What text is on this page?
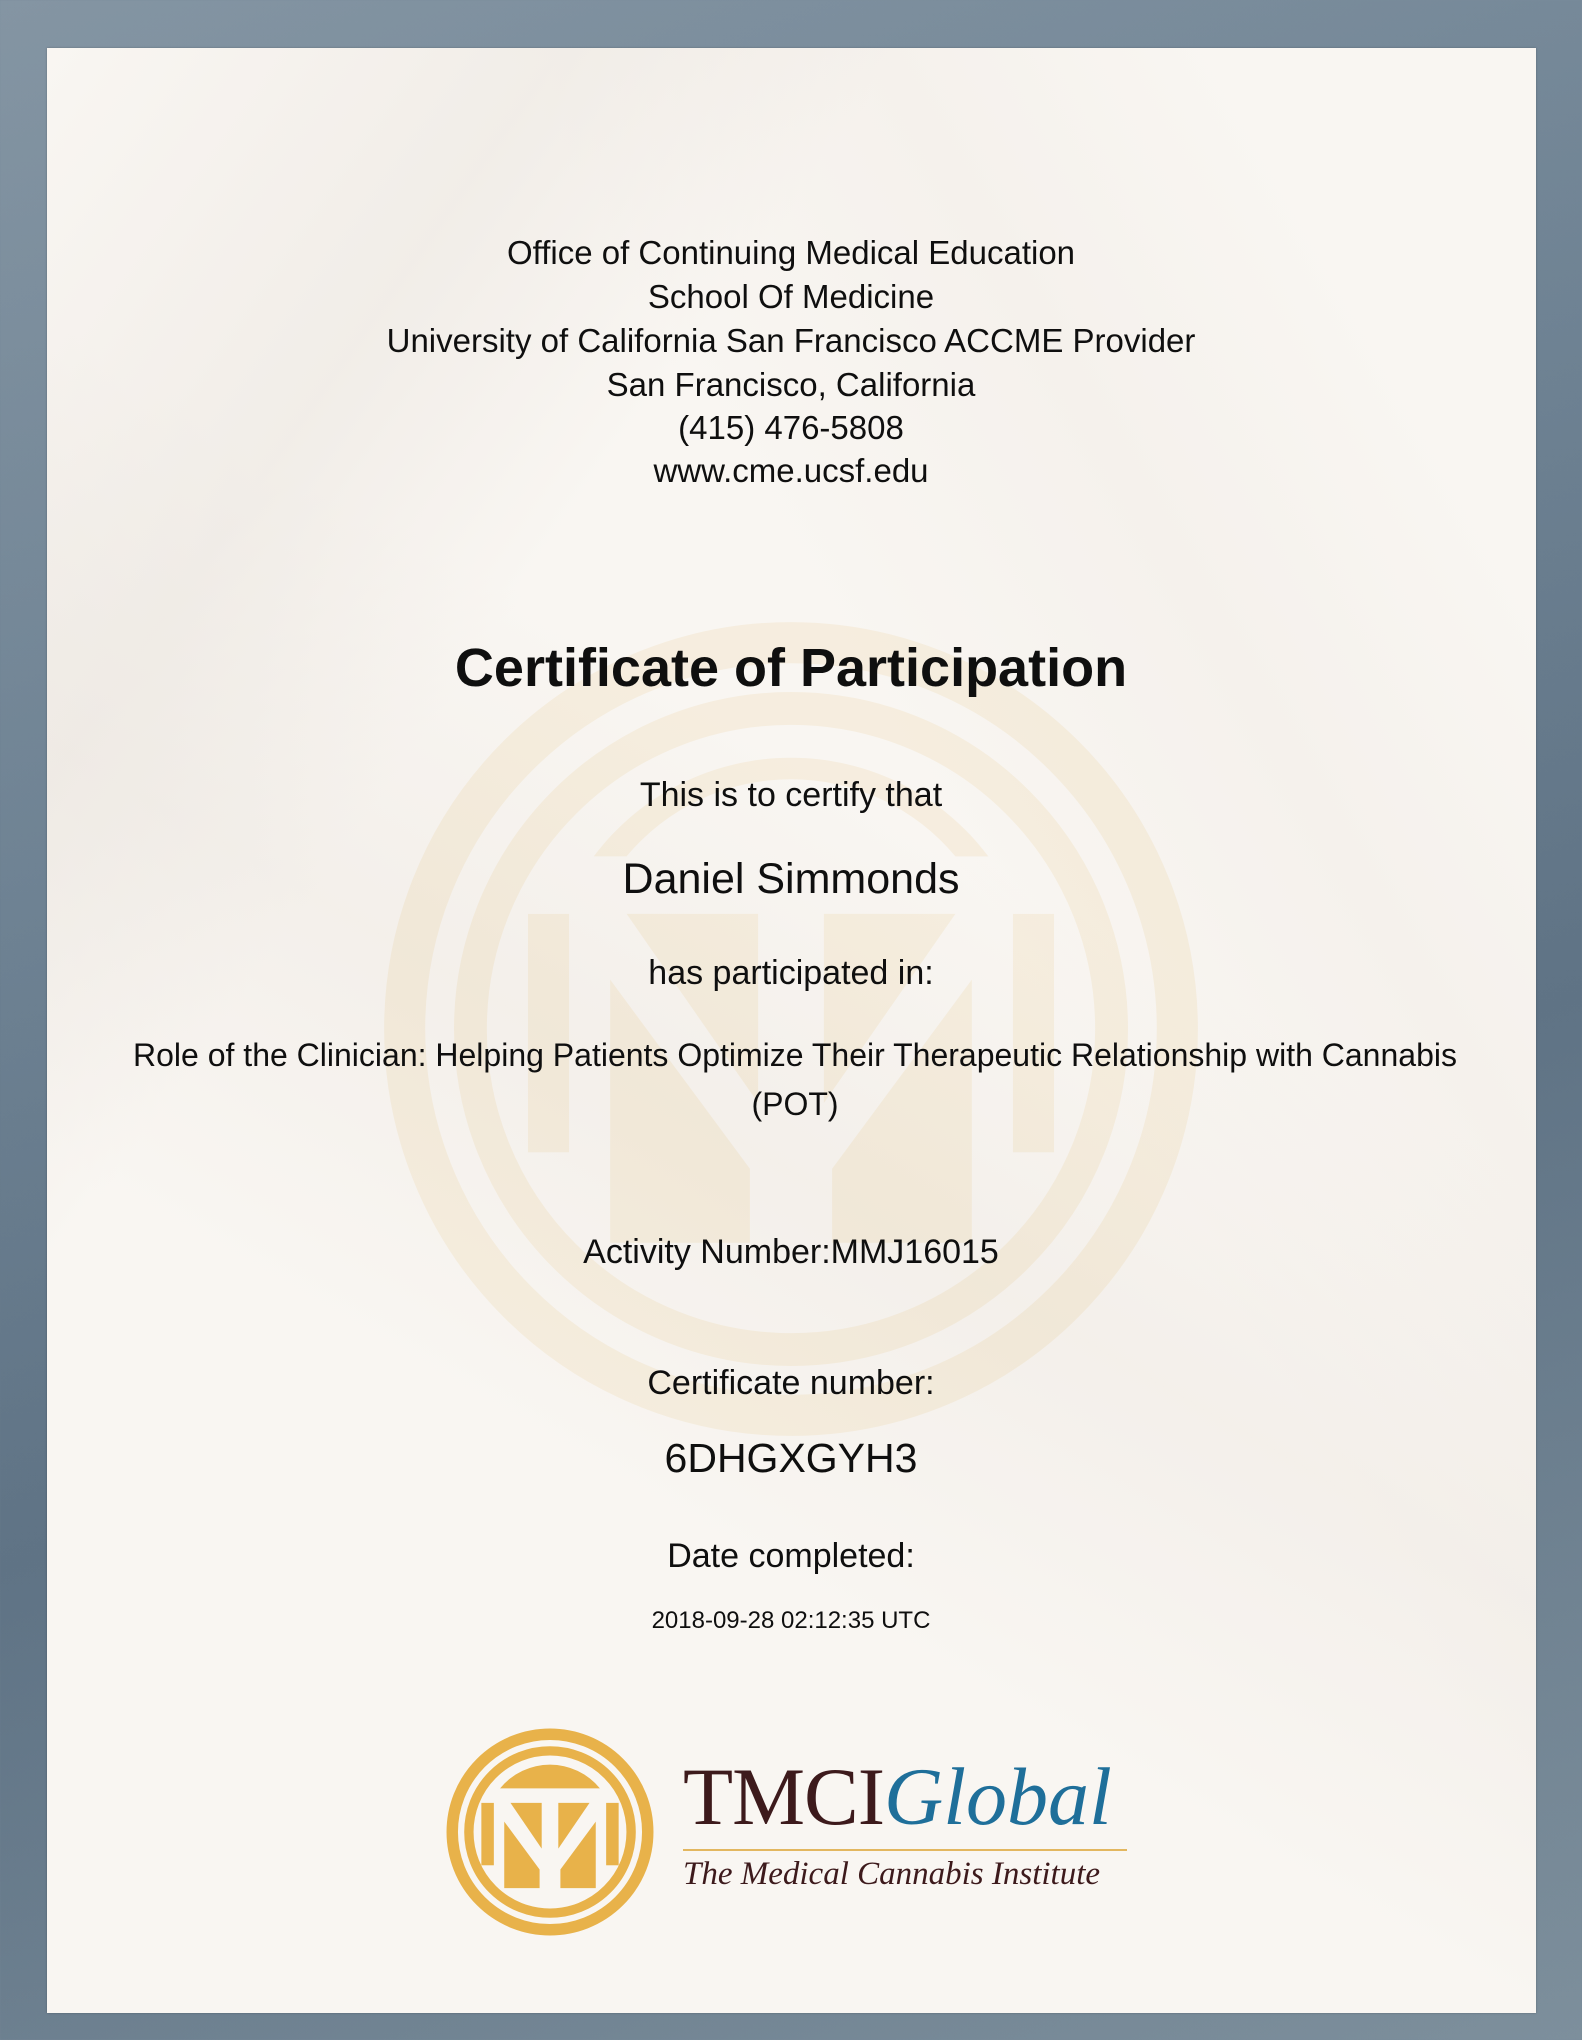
Office of Continuing Medical Education
School Of Medicine
University of California San Francisco ACCME Provider
San Francisco, California
(415) 476-5808
www.cme.ucsf.edu
Certificate of Participation
This is to certify that
Daniel Simmonds
has participated in:
Role of the Clinician: Helping Patients Optimize Their Therapeutic Relationship with Cannabis
(POT)
Activity Number:MMJ16015
Certificate number:
6DHGXGYH3
Date completed:
2018-09-28 02:12:35 UTC
TMCIGlobal
The Medical Cannabis Institute
